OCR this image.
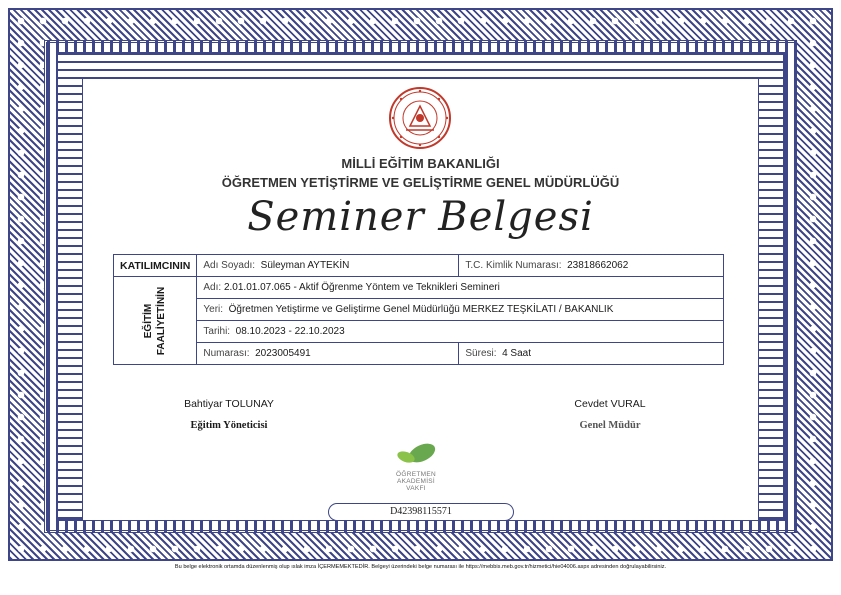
MİLLİ EĞİTİM BAKANLIĞI
ÖĞRETMEN YETİŞTİRME VE GELİŞTİRME GENEL MÜDÜRLÜĞÜ
Seminer Belgesi
KATILIMCININ	Adı Soyadı: Süleyman AYTEKİN	T.C. Kimlik Numarası: 23818662062

EĞİTİM FAALİYETİNİN	Adı: 2.01.01.07.065 - Aktif Öğrenme Yöntem ve Teknikleri Semineri	
	Yeri: Öğretmen Yetiştirme ve Geliştirme Genel Müdürlüğü MERKEZ TEŞKİLATI / BAKANLIK	
	Tarihi: 08.10.2023 - 22.10.2023	
	Numarası: 2023005491	Süresi: 4 Saat
Bahtiyar TOLUNAY
Eğitim Yöneticisi
Cevdet VURAL
Genel Müdür
ÖĞRETMEN
AKADEMİSİ
VAKFI
D42398115571
Bu belge elektronik ortamda düzenlenmiş olup ıslak imza İÇERMEMEKTEDİR. Belgeyi üzerindeki belge numarası ile https://mebbis.meb.gov.tr/hizmetici/hie04006.aspx adresinden doğrulayabilirsiniz.
